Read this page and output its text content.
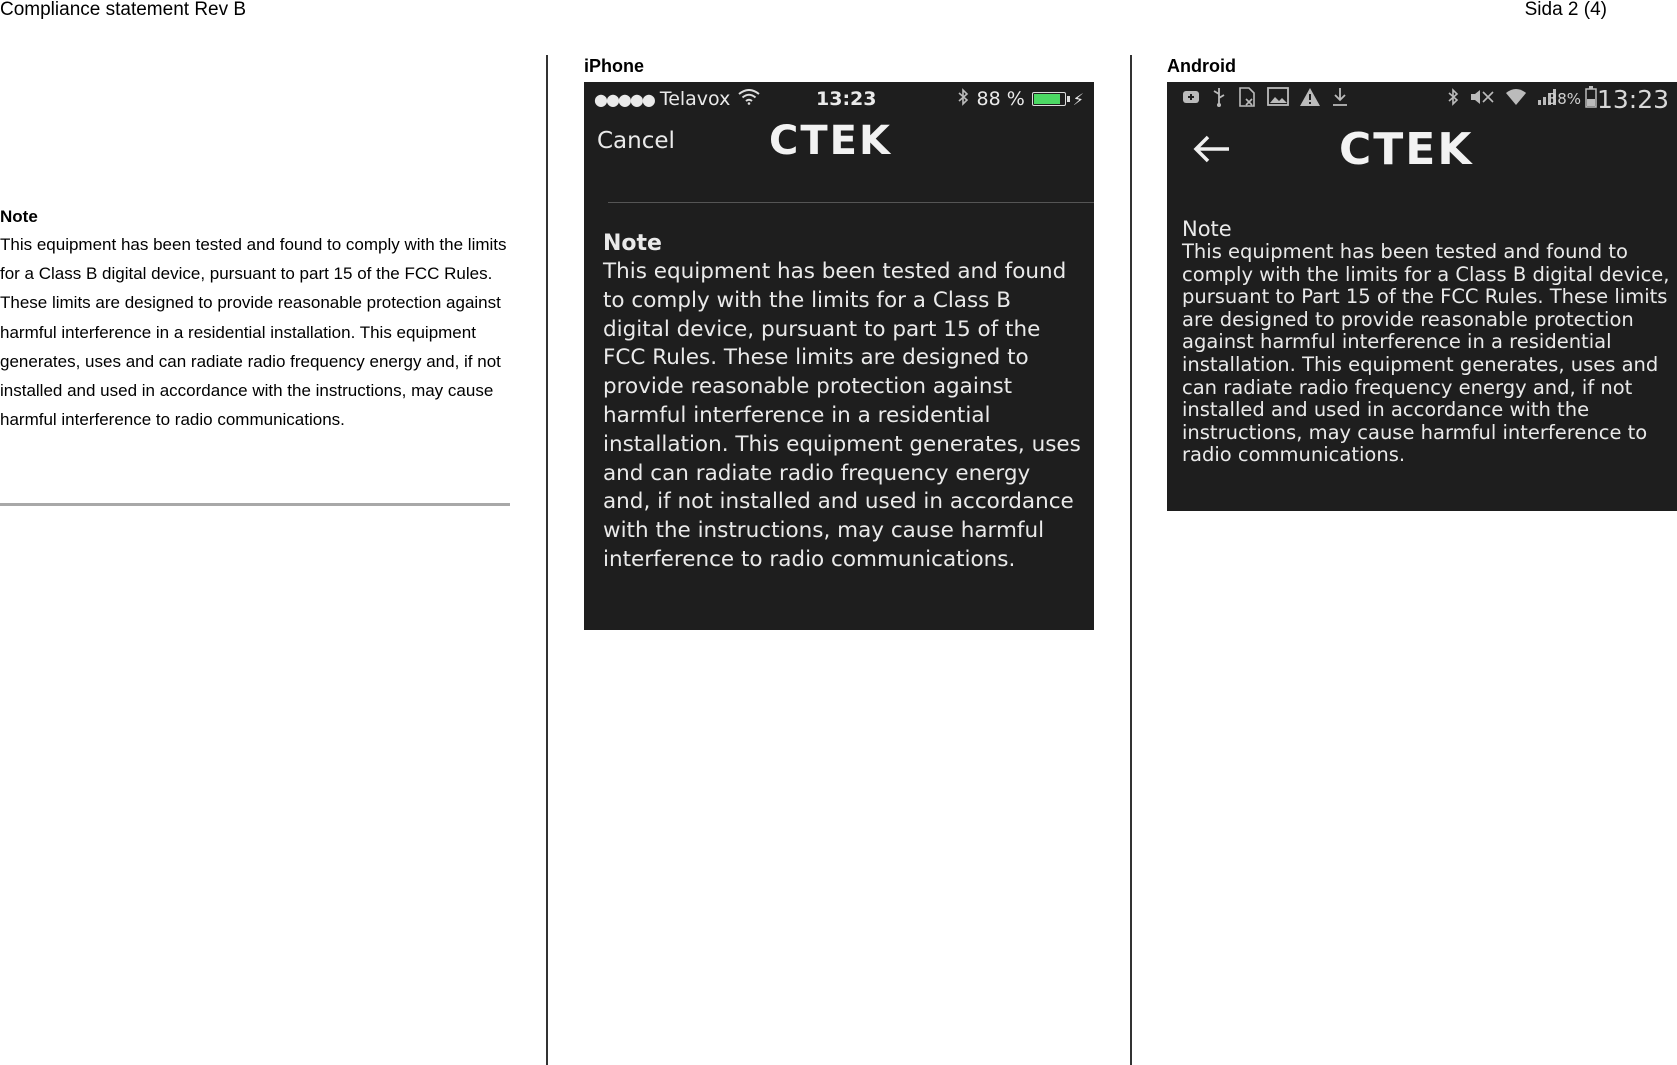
Compliance statement Rev B	Sida 2 (4)

Note

This equipment has been tested and found to comply with the limits for a Class B digital device, pursuant to part 15 of the FCC Rules. These limits are designed to provide reasonable protection against harmful interference in a residential installation. This equipment generates, uses and can radiate radio frequency energy and, if not installed and used in accordance with the instructions, may cause harmful interference to radio communications.

iPhone	Android
●●●●● Telavox	13:23	88 %	⚡
Cancel CTEK
Note
This equipment has been tested and found to comply with the limits for a Class B digital device, pursuant to part 15 of the FCC Rules. These limits are designed to provide reasonable protection against harmful interference in a residential installation. This equipment generates, uses and can radiate radio frequency energy and, if not installed and used in accordance with the instructions, may cause harmful interference to radio communications.
38% 13:23
CTEK
Note
This equipment has been tested and found to comply with the limits for a Class B digital device, pursuant to Part 15 of the FCC Rules. These limits are designed to provide reasonable protection against harmful interference in a residential installation. This equipment generates, uses and can radiate radio frequency energy and, if not installed and used in accordance with the instructions, may cause harmful interference to radio communications.
